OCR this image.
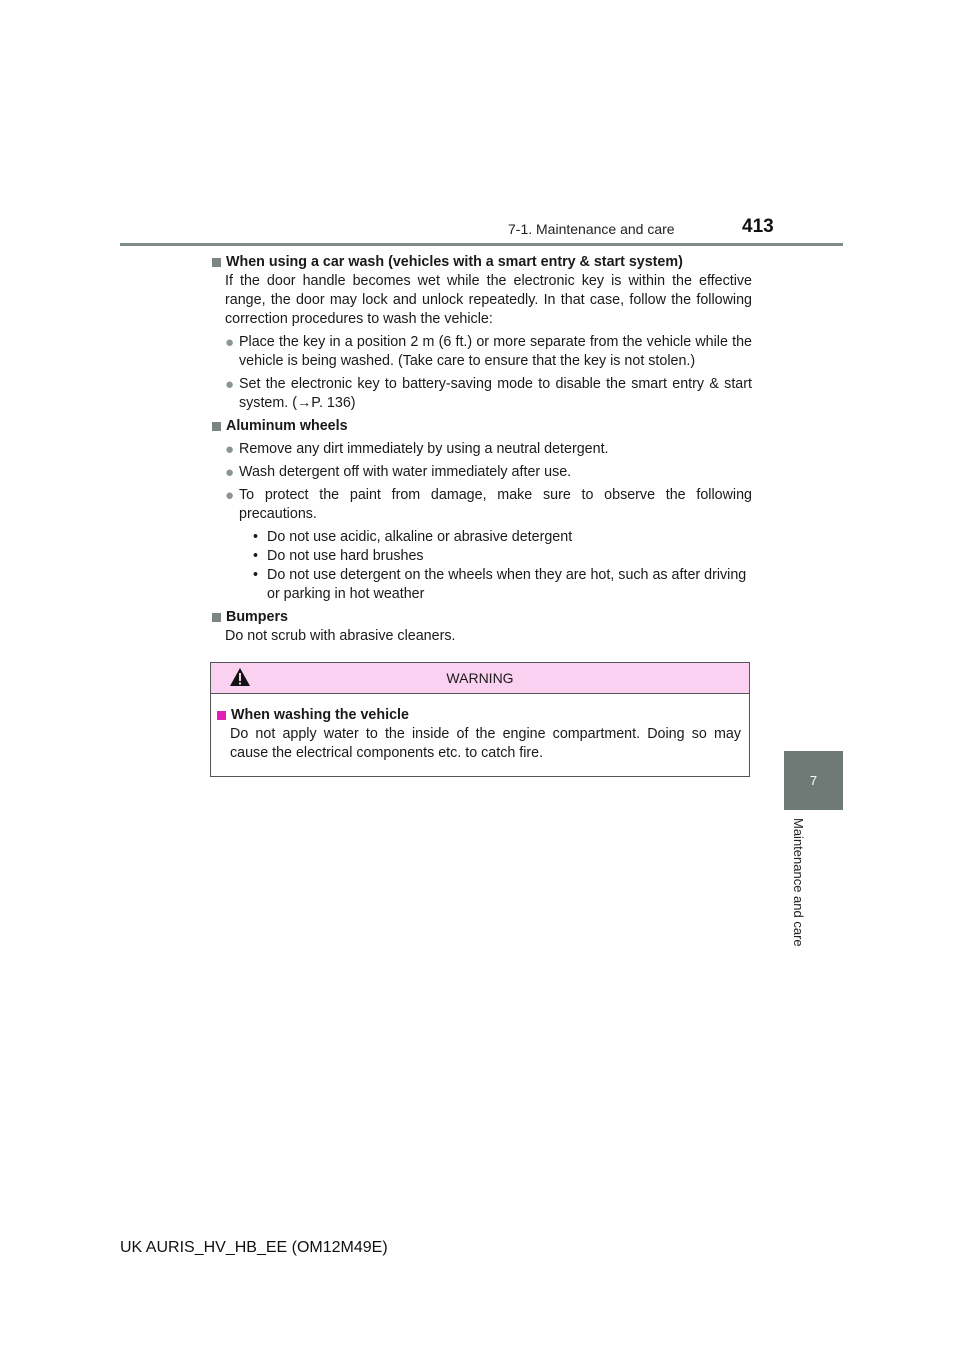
7-1. Maintenance and care	413
7
Maintenance and care
When using a car wash (vehicles with a smart entry & start system)
If the door handle becomes wet while the electronic key is within the effective range, the door may lock and unlock repeatedly. In that case, follow the following correction procedures to wash the vehicle:
● Place the key in a position 2 m (6 ft.) or more separate from the vehicle while the vehicle is being washed. (Take care to ensure that the key is not stolen.)
● Set the electronic key to battery-saving mode to disable the smart entry & start system. (→P. 136)
Aluminum wheels
● Remove any dirt immediately by using a neutral detergent.
● Wash detergent off with water immediately after use.
● To protect the paint from damage, make sure to observe the following precautions.
• Do not use acidic, alkaline or abrasive detergent
• Do not use hard brushes
• Do not use detergent on the wheels when they are hot, such as after driving or parking in hot weather
Bumpers
Do not scrub with abrasive cleaners.
WARNING
When washing the vehicle
Do not apply water to the inside of the engine compartment. Doing so may cause the electrical components etc. to catch fire.
UK AURIS_HV_HB_EE (OM12M49E)
